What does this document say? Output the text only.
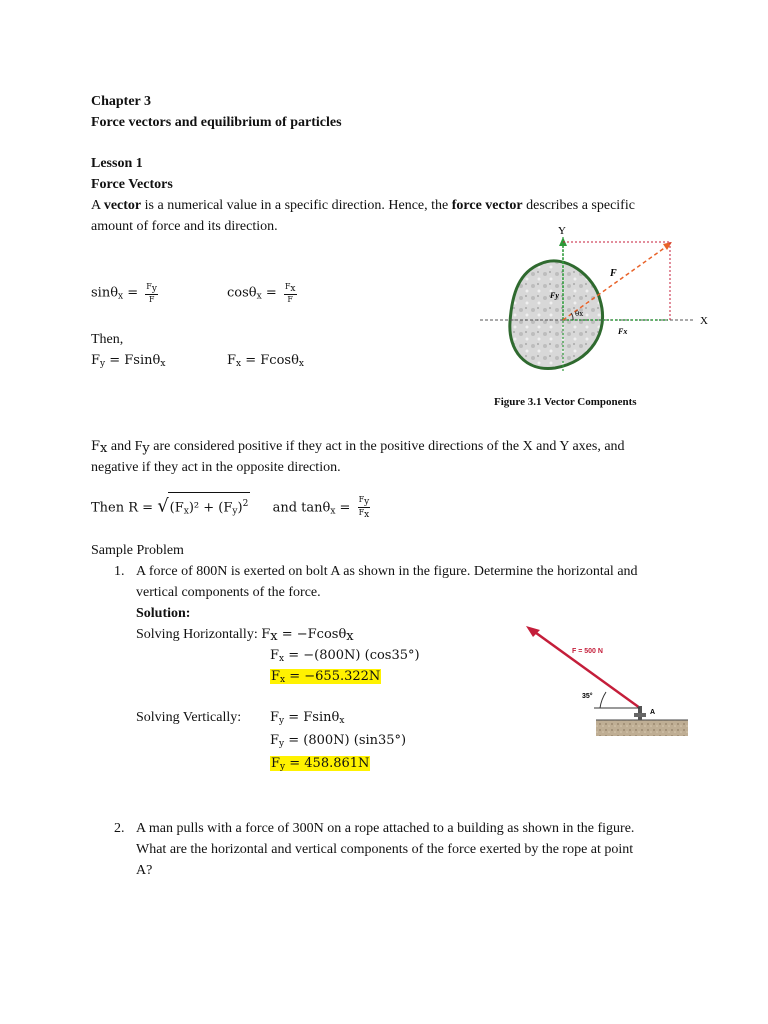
Chapter 3
Force vectors and equilibrium of particles
Lesson 1
Force Vectors
A vector is a numerical value in a specific direction. Hence, the force vector describes a specific
amount of force and its direction.
$\sin\theta_x = \frac{F_y}{F}$	$\cos\theta_x = \frac{F_x}{F}$
Then,
$F_y = Fsin\theta_x$	$F_x = Fcos\theta_x$
Y
X
F
Fy
Fx
θx
Figure 3.1 Vector Components
$F_x$ and $F_y$ are considered positive if they act in the positive directions of the X and Y axes, and
negative if they act in the opposite direction.
Then $R = √(F_x)^2 + (F_y)^2$ and $\tan\theta_x = \frac{F_y}{F_x}$
Sample Problem
1. A force of 800N is exerted on bolt A as shown in the figure. Determine the horizontal and
vertical components of the force.
Solution:
Solving Horizontally: $F_x = -Fcos\theta_x$
$F_x = -(800N)$ (cos35°)
$F_x = -655.322N$
Solving Vertically: $F_y = Fsin\theta_x$
$F_y = (800N)$ (sin35°)
$F_y = 458.861N$
F = 500 N
35°
A
2. A man pulls with a force of 300N on a rope attached to a building as shown in the figure.
What are the horizontal and vertical components of the force exerted by the rope at point
A?
